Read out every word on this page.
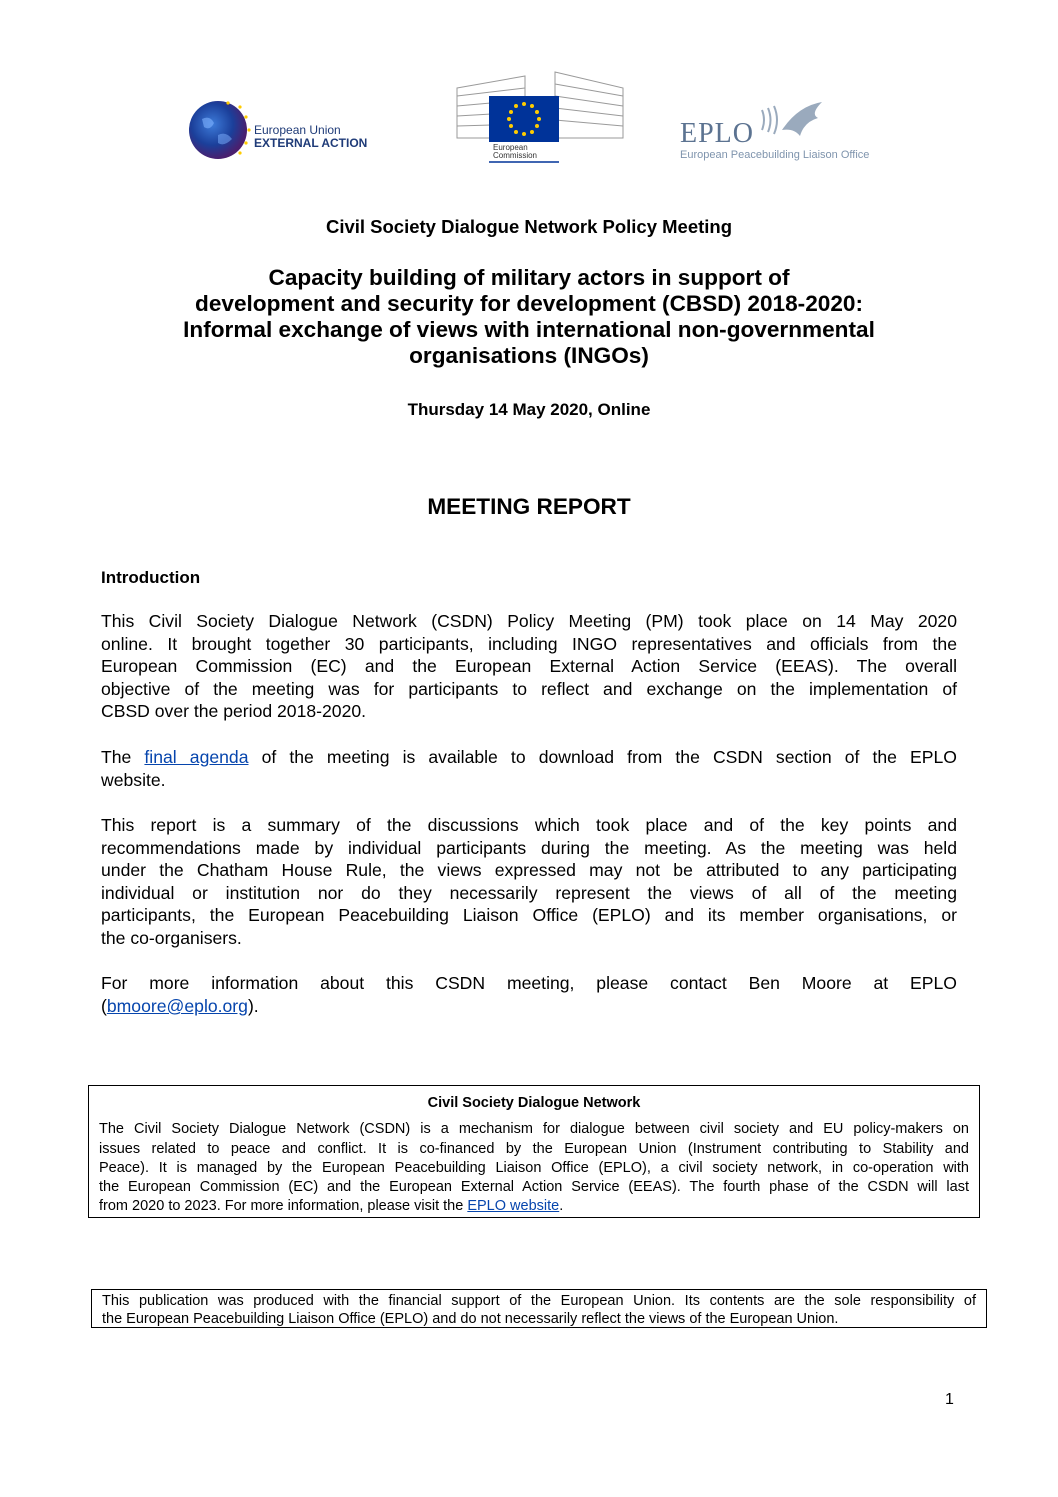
European Union
EXTERNAL ACTION	European
Commission
EPLO
European Peacebuilding Liaison Office
Civil Society Dialogue Network Policy Meeting
Capacity building of military actors in support of
development and security for development (CBSD) 2018-2020:
Informal exchange of views with international non-governmental
organisations (INGOs)
Thursday 14 May 2020, Online
MEETING REPORT
Introduction
This Civil Society Dialogue Network (CSDN) Policy Meeting (PM) took place on 14 May 2020
online. It brought together 30 participants, including INGO representatives and officials from the
European Commission (EC) and the European External Action Service (EEAS). The overall
objective of the meeting was for participants to reflect and exchange on the implementation of
CBSD over the period 2018-2020.
The final agenda of the meeting is available to download from the CSDN section of the EPLO
website.
This report is a summary of the discussions which took place and of the key points and
recommendations made by individual participants during the meeting. As the meeting was held
under the Chatham House Rule, the views expressed may not be attributed to any participating
individual or institution nor do they necessarily represent the views of all of the meeting
participants, the European Peacebuilding Liaison Office (EPLO) and its member organisations, or
the co-organisers.
For more information about this CSDN meeting, please contact Ben Moore at EPLO
(bmoore@eplo.org).
Civil Society Dialogue Network
The Civil Society Dialogue Network (CSDN) is a mechanism for dialogue between civil society and EU policy-makers on
issues related to peace and conflict. It is co-financed by the European Union (Instrument contributing to Stability and
Peace). It is managed by the European Peacebuilding Liaison Office (EPLO), a civil society network, in co-operation with
the European Commission (EC) and the European External Action Service (EEAS). The fourth phase of the CSDN will last
from 2020 to 2023. For more information, please visit the EPLO website.
This publication was produced with the financial support of the European Union. Its contents are the sole responsibility of
the European Peacebuilding Liaison Office (EPLO) and do not necessarily reflect the views of the European Union.
1
